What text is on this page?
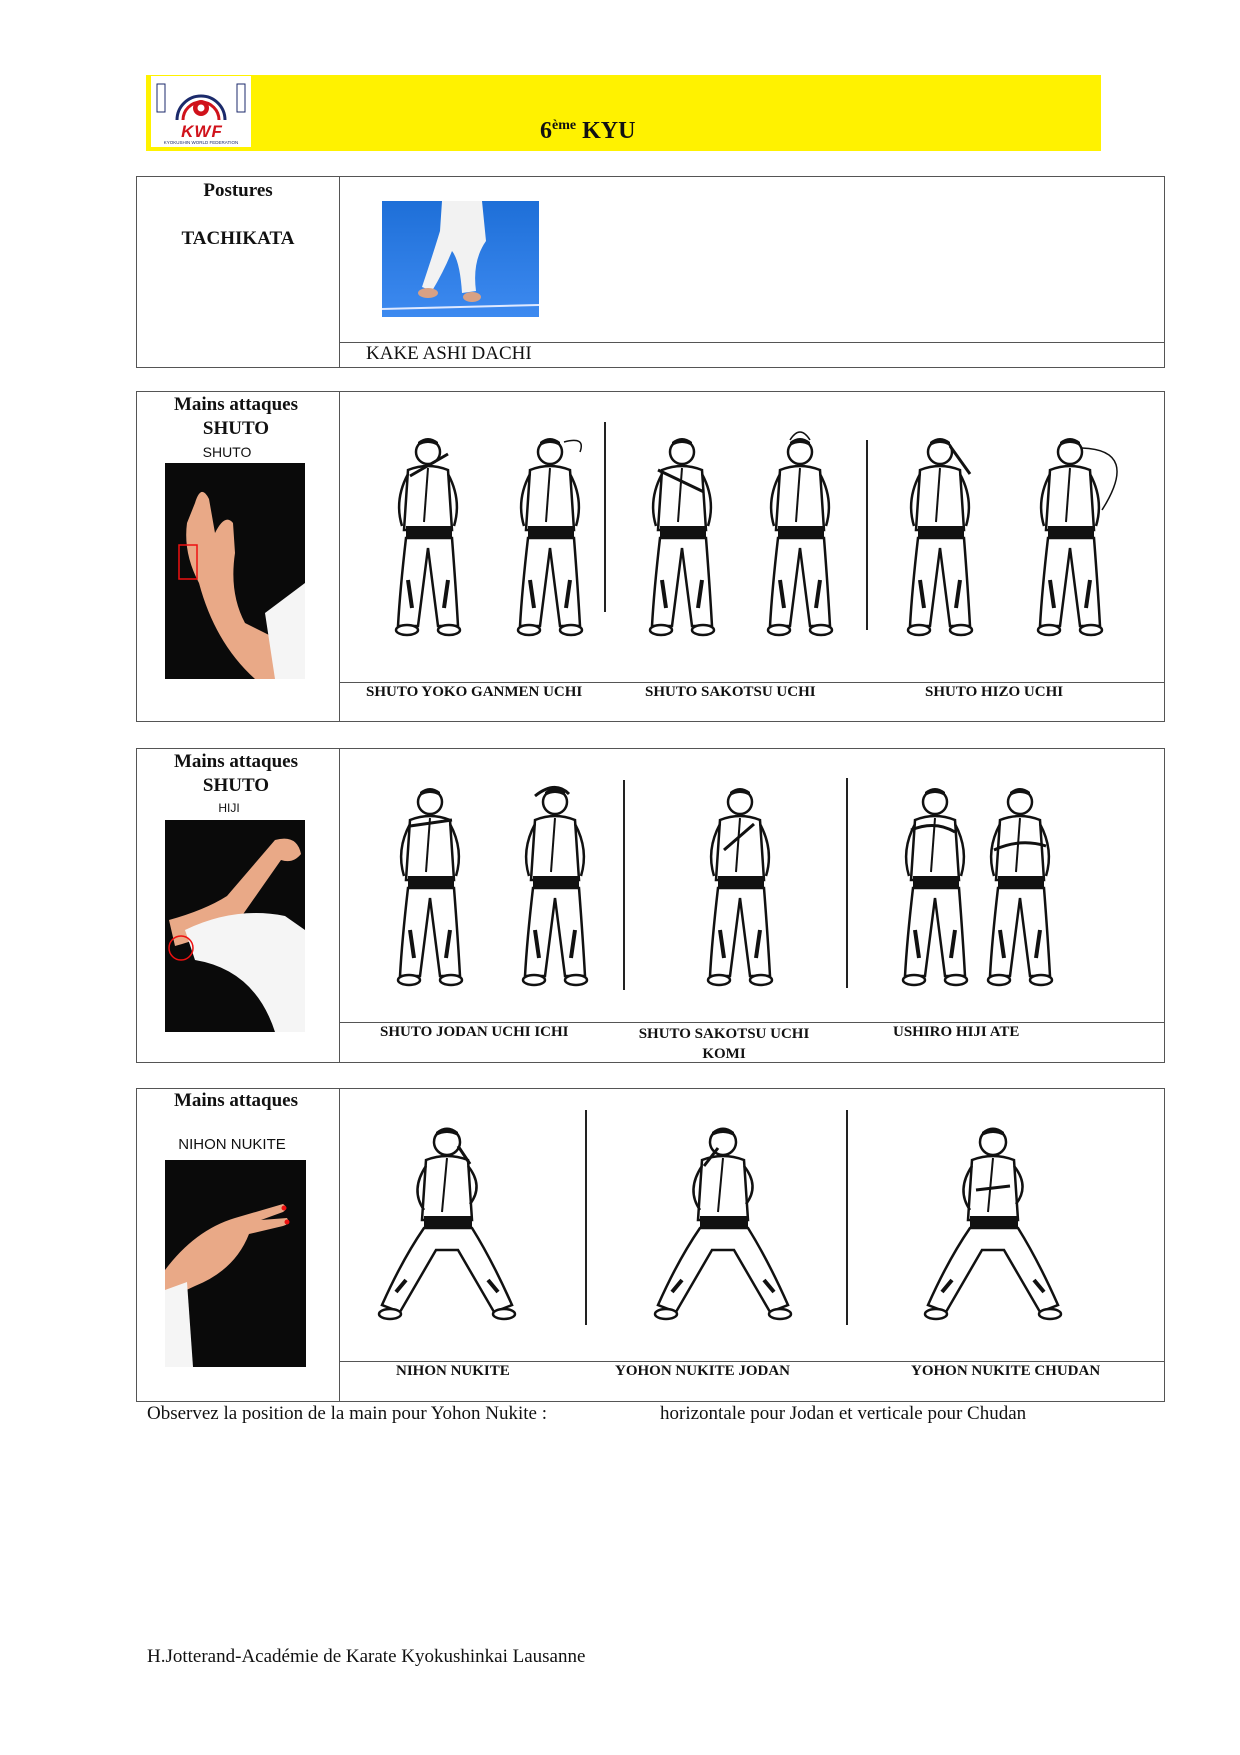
KWF
KYOKUSHIN WORLD FEDERATION	6ème KYU
Postures
TACHIKATA
KAKE ASHI DACHI
Mains attaques
SHUTO
SHUTO
SHUTO YOKO GANMEN UCHI	SHUTO SAKOTSU UCHI	SHUTO HIZO UCHI
Mains attaques
SHUTO
HIJI
SHUTO JODAN UCHI ICHI	SHUTO SAKOTSU UCHI KOMI
USHIRO HIJI ATE
Mains attaques
NIHON NUKITE
NIHON NUKITE	YOHON NUKITE JODAN	YOHON NUKITE CHUDAN
Observez la position de la main pour Yohon Nukite :	horizontale pour Jodan et verticale pour Chudan
H.Jotterand-Académie de Karate Kyokushinkai Lausanne
